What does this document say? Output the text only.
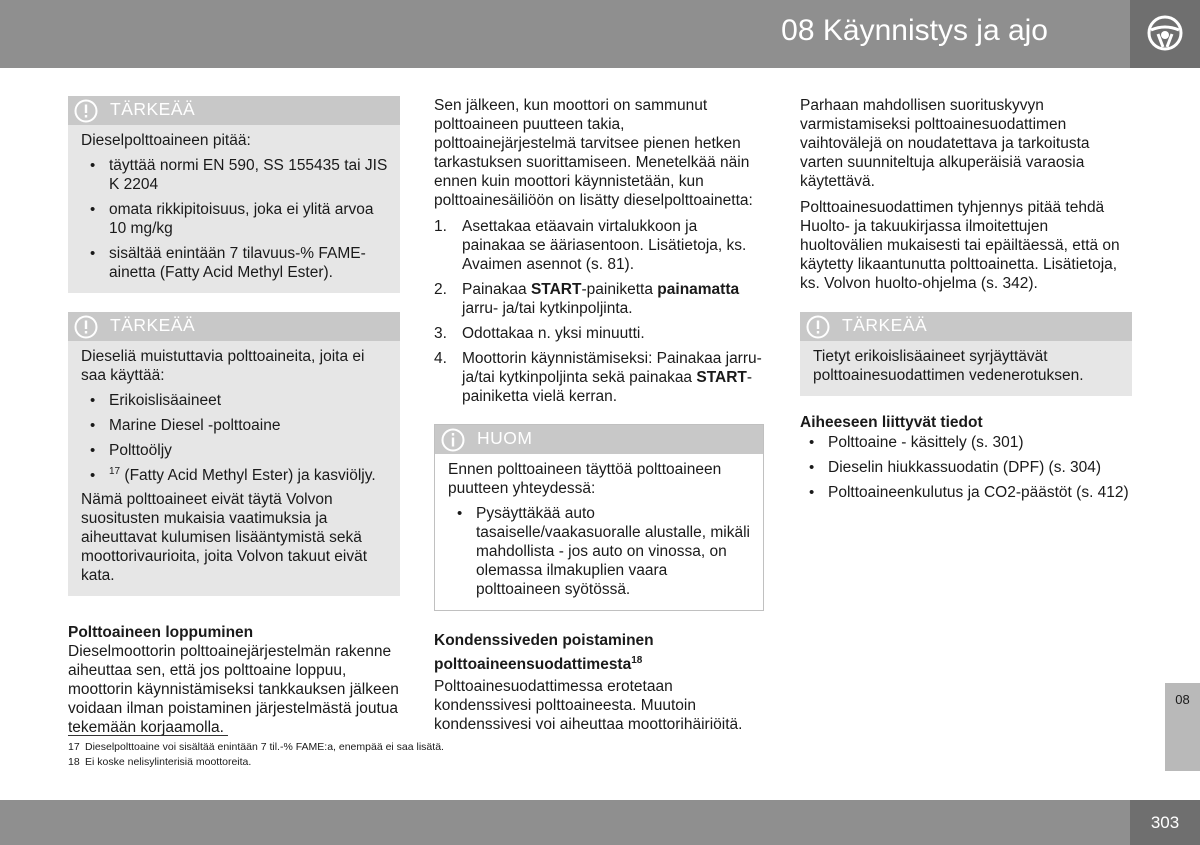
08 Käynnistys ja ajo
TÄRKEÄÄ

Dieselpolttoaineen pitää:

• täyttää normi EN 590, SS 155435 tai JIS K 2204
• omata rikkipitoisuus, joka ei ylitä arvoa 10 mg/kg
• sisältää enintään 7 tilavuus-% FAME-ainetta (Fatty Acid Methyl Ester).
TÄRKEÄÄ

Dieseliä muistuttavia polttoaineita, joita ei saa käyttää:

• Erikoislisäaineet
• Marine Diesel -polttoaine
• Polttoöljy
• $^{17}$ (Fatty Acid Methyl Ester) ja kasviöljy.

Nämä polttoaineet eivät täytä Volvon suositusten mukaisia vaatimuksia ja aiheuttavat kulumisen lisääntymistä sekä moottorivaurioita, joita Volvon takuut eivät kata.

Polttoaineen loppuminen

Dieselmoottorin polttoainejärjestelmän rakenne aiheuttaa sen, että jos polttoaine loppuu, moottorin käynnistämiseksi tankkauksen jälkeen voidaan ilman poistaminen järjestelmästä joutua tekemään korjaamolla.

Sen jälkeen, kun moottori on sammunut polttoaineen puutteen takia, polttoainejärjestelmä tarvitsee pienen hetken tarkastuksen suorittamiseen. Menetelkää näin ennen kuin moottori käynnistetään, kun polttoainesäiliöön on lisätty dieselpolttoainetta:

1. Asettakaa etäavain virtalukkoon ja painakaa se ääriasentoon. Lisätietoja, ks. Avaimen asennot (s. 81).
2. Painakaa START-painiketta painamatta jarru- ja/tai kytkinpoljinta.
3. Odottakaa n. yksi minuutti.
4. Moottorin käynnistämiseksi: Painakaa jarru- ja/tai kytkinpoljinta sekä painakaa START-painiketta vielä kerran.
HUOM

Ennen polttoaineen täyttöä polttoaineen puutteen yhteydessä:

• Pysäyttäkää auto tasaiselle/vaakasuoralle alustalle, mikäli mahdollista - jos auto on vinossa, on olemassa ilmakuplien vaara polttoaineen syötössä.

Kondenssiveden poistaminen
polttoaineensuodattimesta$^{18}$

Polttoainesuodattimessa erotetaan kondenssivesi polttoaineesta. Muutoin kondenssivesi voi aiheuttaa moottorihäiriöitä.

Parhaan mahdollisen suorituskyvyn varmistamiseksi polttoainesuodattimen vaihtovälejä on noudatettava ja tarkoitusta varten suunniteltuja alkuperäisiä varaosia käytettävä.

Polttoainesuodattimen tyhjennys pitää tehdä Huolto- ja takuukirjassa ilmoitettujen huoltovälien mukaisesti tai epäiltäessä, että on käytetty likaantunutta polttoainetta. Lisätietoja, ks. Volvon huolto-ohjelma (s. 342).

TÄRKEÄÄ

Tietyt erikoislisäaineet syrjäyttävät polttoainesuodattimen vedenerotuksen.

Aiheeseen liittyvät tiedot

• Polttoaine - käsittely (s. 301)
• Dieselin hiukkassuodatin (DPF) (s. 304)
• Polttoaineenkulutus ja CO2-päästöt (s. 412)
17 Dieselpolttoaine voi sisältää enintään 7 til.-% FAME:a, enempää ei saa lisätä.
18 Ei koske nelisylinterisiä moottoreita.
08
303
